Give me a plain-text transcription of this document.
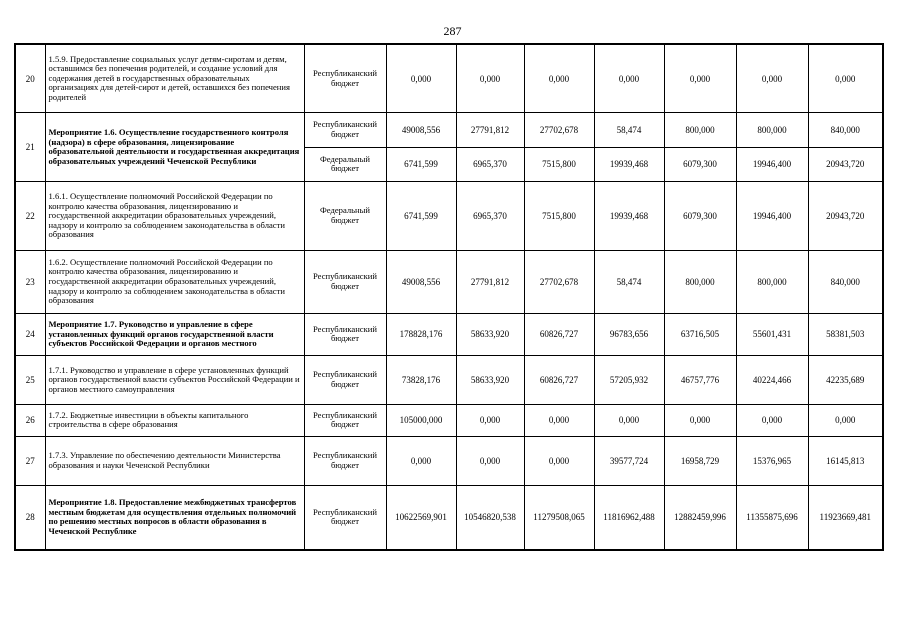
287
20	1.5.9. Предоставление социальных услуг детям-сиротам и детям, оставшимся без попечения родителей, и создание условий для содержания детей в государственных образовательных организациях для детей-сирот и детей, оставшихся без попечения родителей	Республиканский бюджет	0,000	0,000	0,000	0,000	0,000	0,000	0,000
21	Мероприятие 1.6. Осуществление государственного контроля (надзора) в сфере образования, лицензирование образовательной деятельности и государственная аккредитация образовательных учреждений Чеченской Республики	Республиканский бюджет	49008,556	27791,812	27702,678	58,474	800,000	800,000	840,000
		Федеральный бюджет	6741,599	6965,370	7515,800	19939,468	6079,300	19946,400	20943,720
22	1.6.1. Осуществление полномочий Российской Федерации по контролю качества образования, лицензированию и государственной аккредитации образовательных учреждений, надзору и контролю за соблюдением законодательства в области образования	Федеральный бюджет	6741,599	6965,370	7515,800	19939,468	6079,300	19946,400	20943,720
23	1.6.2. Осуществление полномочий Российской Федерации по контролю качества образования, лицензированию и государственной аккредитации образовательных учреждений, надзору и контролю за соблюдением законодательства в области образования	Республиканский бюджет	49008,556	27791,812	27702,678	58,474	800,000	800,000	840,000
24	Мероприятие 1.7. Руководство и управление в сфере установленных функций органов государственной власти субъектов Российской Федерации и органов местного	Республиканский бюджет	178828,176	58633,920	60826,727	96783,656	63716,505	55601,431	58381,503
25	1.7.1. Руководство и управление в сфере установленных функций органов государственной власти субъектов Российской Федерации и органов местного самоуправления	Республиканский бюджет	73828,176	58633,920	60826,727	57205,932	46757,776	40224,466	42235,689
26	1.7.2. Бюджетные инвестиции в объекты капитального строительства в сфере образования	Республиканский бюджет	105000,000	0,000	0,000	0,000	0,000	0,000	0,000
27	1.7.3. Управление по обеспечению деятельности Министерства образования и науки Чеченской Республики	Республиканский бюджет	0,000	0,000	0,000	39577,724	16958,729	15376,965	16145,813
28	Мероприятие 1.8. Предоставление межбюджетных трансфертов местным бюджетам для осуществления отдельных полномочий по решению местных вопросов в области образования в Чеченской Республике	Республиканский бюджет	10622569,901	10546820,538	11279508,065	11816962,488	12882459,996	11355875,696	11923669,481
